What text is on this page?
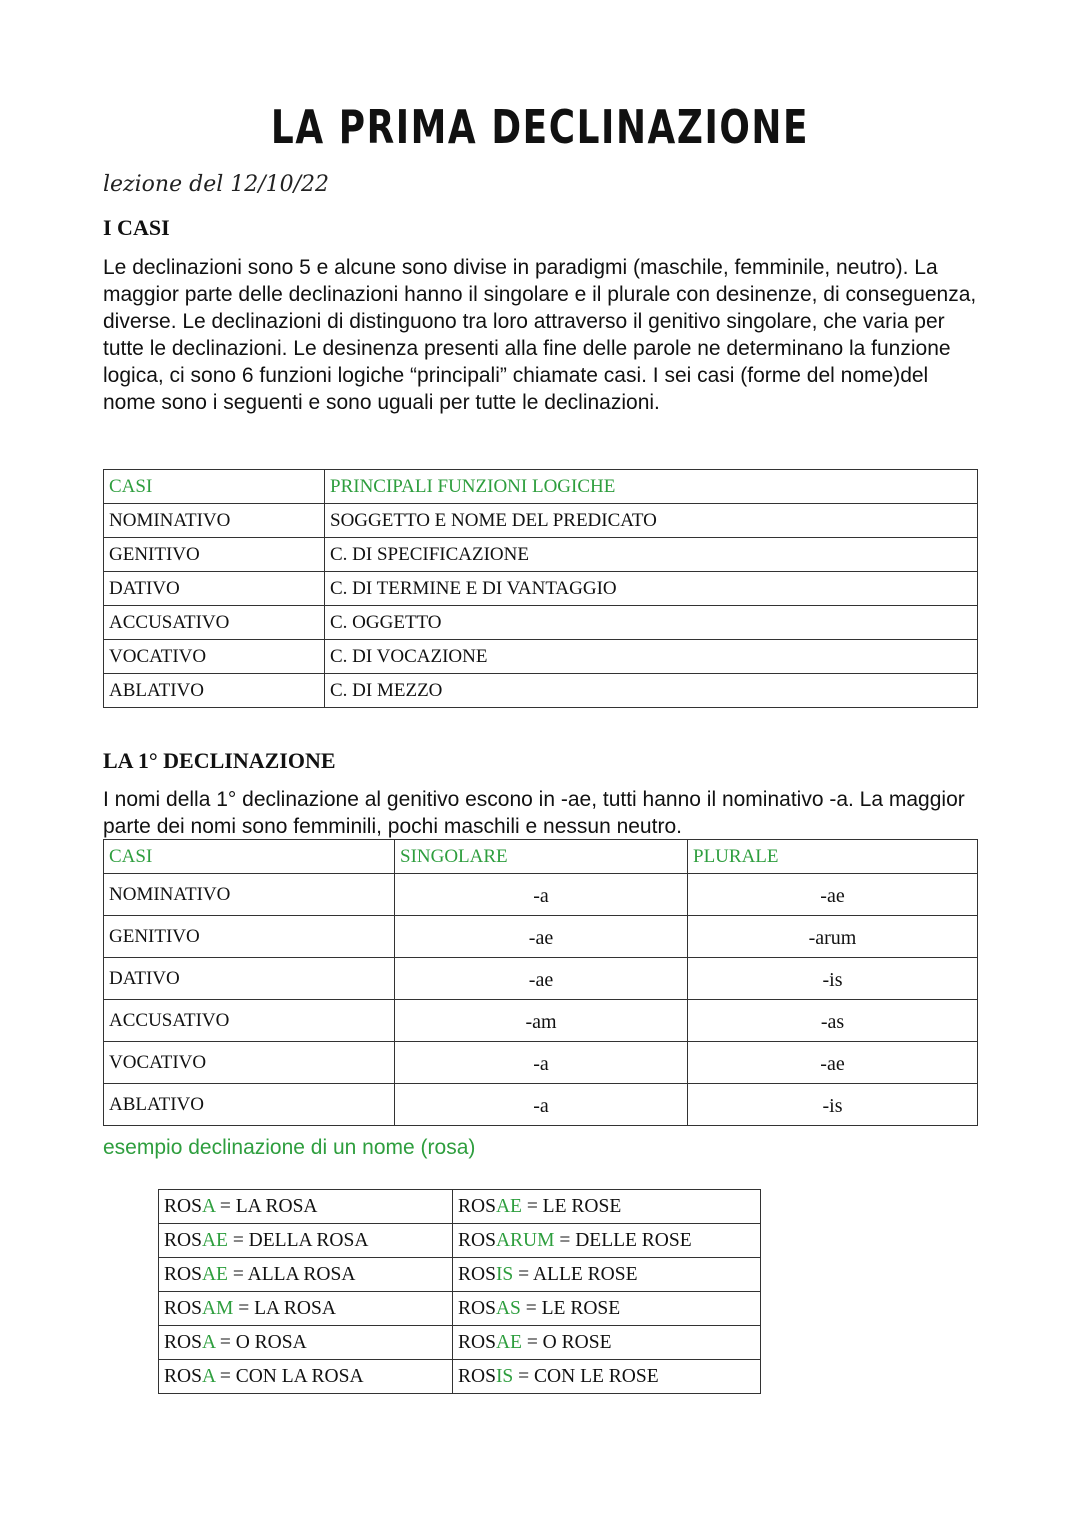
LA PRIMA DECLINAZIONE
lezione del 12/10/22
I CASI
Le declinazioni sono 5 e alcune sono divise in paradigmi (maschile, femminile, neutro). La maggior parte delle declinazioni hanno il singolare e il plurale con desinenze, di conseguenza, diverse. Le declinazioni di distinguono tra loro attraverso il genitivo singolare, che varia per tutte le declinazioni. Le desinenza presenti alla fine delle parole ne determinano la funzione logica, ci sono 6 funzioni logiche “principali” chiamate casi. I sei casi (forme del nome)del nome sono i seguenti e sono uguali per tutte le declinazioni.
CASI	PRINCIPALI FUNZIONI LOGICHE
NOMINATIVO	SOGGETTO E NOME DEL PREDICATO
GENITIVO	C. DI SPECIFICAZIONE
DATIVO	C. DI TERMINE E DI VANTAGGIO
ACCUSATIVO	C. OGGETTO
VOCATIVO	C. DI VOCAZIONE
ABLATIVO	C. DI MEZZO
LA 1° DECLINAZIONE
I nomi della 1° declinazione al genitivo escono in -ae, tutti hanno il nominativo -a. La maggior parte dei nomi sono femminili, pochi maschili e nessun neutro.
CASI	SINGOLARE	PLURALE
NOMINATIVO	-a	-ae
GENITIVO	-ae	-arum
DATIVO	-ae	-is
ACCUSATIVO	-am	-as
VOCATIVO	-a	-ae
ABLATIVO	-a	-is
esempio declinazione di un nome (rosa)
ROSA = LA ROSA	ROSAE = LE ROSE
ROSAE = DELLA ROSA	ROSARUM = DELLE ROSE
ROSAE = ALLA ROSA	ROSIS = ALLE ROSE
ROSAM = LA ROSA	ROSAS = LE ROSE
ROSA = O ROSA	ROSAE = O ROSE
ROSA = CON LA ROSA	ROSIS = CON LE ROSE
